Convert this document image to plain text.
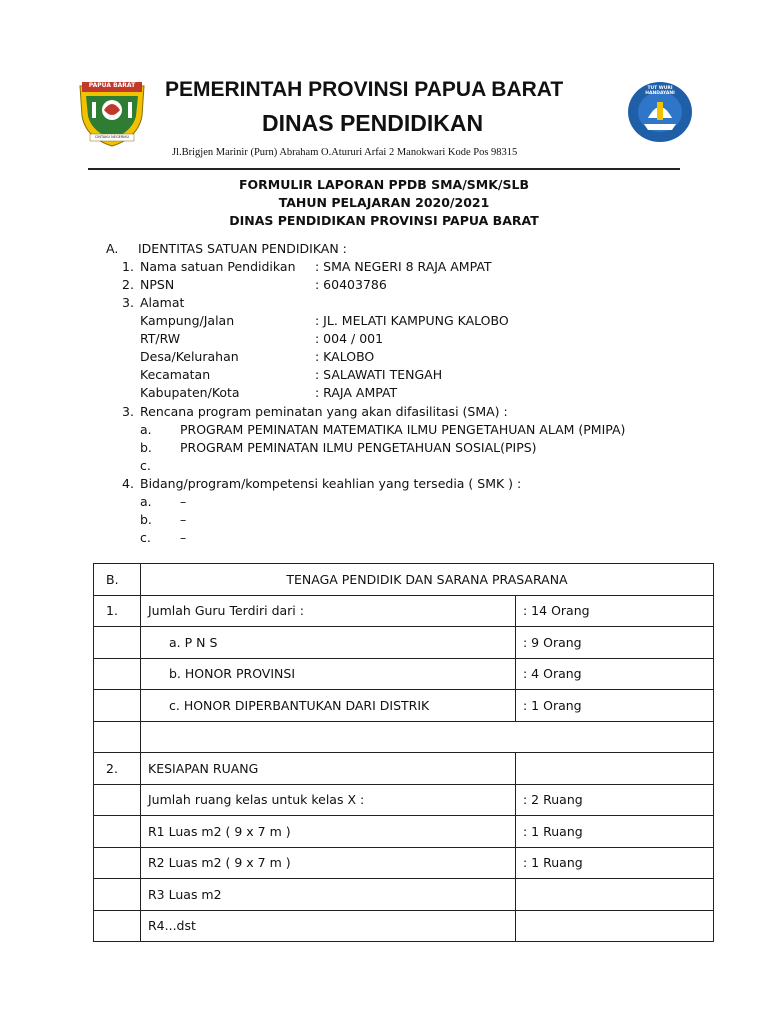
PAPUA BARAT
CINTAKU NEGERIKU
TUT WURI HANDAYANI
PEMERINTAH PROVINSI PAPUA BARAT
DINAS PENDIDIKAN
Jl.Brigjen Marinir (Purn) Abraham O.Atururi Arfai 2 Manokwari Kode Pos 98315
FORMULIR LAPORAN PPDB SMA/SMK/SLB
TAHUN PELAJARAN 2020/2021
DINAS PENDIDIKAN PROVINSI PAPUA BARAT
A. IDENTITAS SATUAN PENDIDIKAN :
1. Nama satuan Pendidikan : SMA NEGERI 8 RAJA AMPAT
2. NPSN	: 60403786
3. Alamat
Kampung/Jalan	: JL. MELATI KAMPUNG KALOBO
RT/RW	: 004 / 001
Desa/Kelurahan	: KALOBO
Kecamatan	: SALAWATI TENGAH
Kabupaten/Kota	: RAJA AMPAT
3. Rencana program peminatan yang akan difasilitasi (SMA) :
a. PROGRAM PEMINATAN MATEMATIKA ILMU PENGETAHUAN ALAM (PMIPA)
b. PROGRAM PEMINATAN ILMU PENGETAHUAN SOSIAL(PIPS)
c.
4. Bidang/program/kompetensi keahlian yang tersedia ( SMK ) :
a. –
b. –
c. –
B.	TENAGA PENDIDIK DAN SARANA PRASARANA	
1.	Jumlah Guru Terdiri dari :	: 14 Orang
	a. P N S	: 9 Orang
	b. HONOR PROVINSI	: 4 Orang
	c. HONOR DIPERBANTUKAN DARI DISTRIK	: 1 Orang

2.	KESIAPAN RUANG	
	Jumlah ruang kelas untuk kelas X :	: 2 Ruang
	R1 Luas m2 ( 9 x 7 m )	: 1 Ruang
	R2 Luas m2 ( 9 x 7 m )	: 1 Ruang
	R3 Luas m2	
	R4...dst	
